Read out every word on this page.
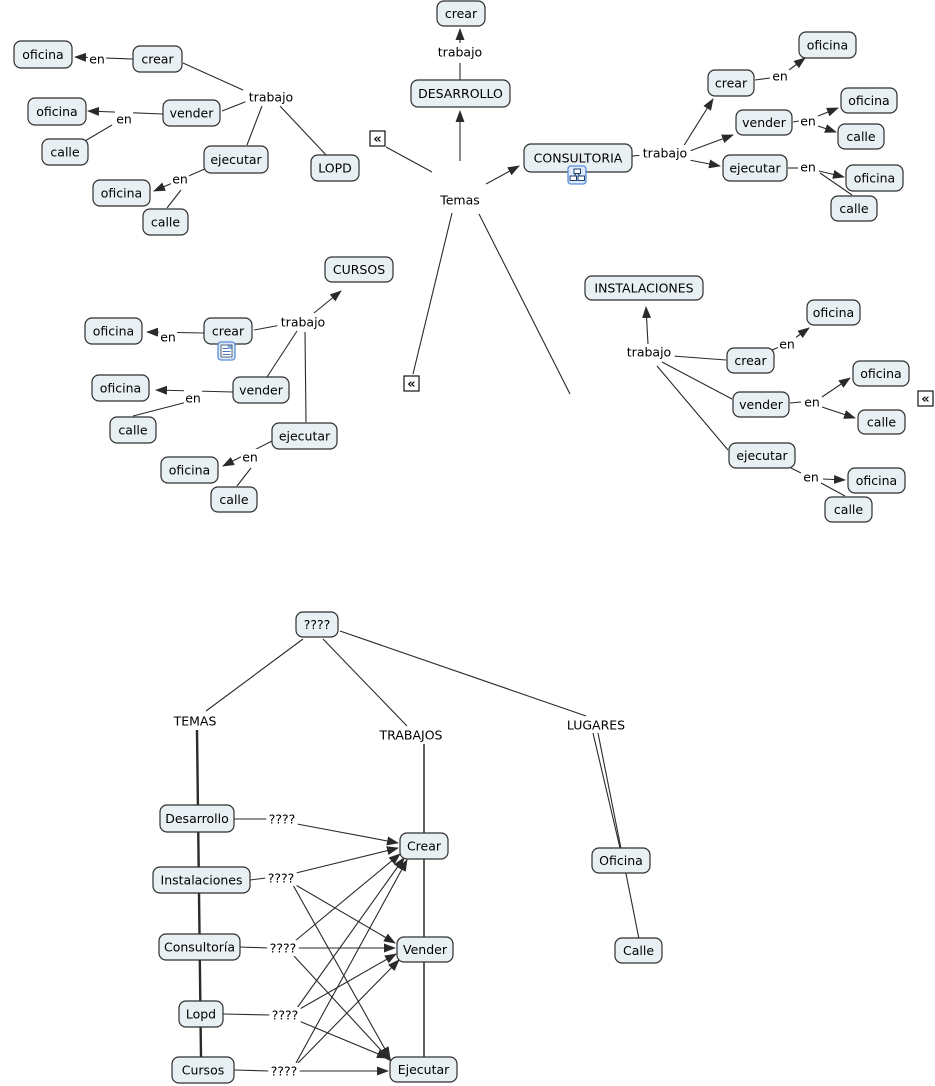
en
trabajo
en
en
trabajo
Temas
trabajo
en
en
en
trabajo
en
en
en
trabajo
en
en
en
oficina	crear
oficina	vender
calle	ejecutar
oficina
calle
LOPD
crear
DESARROLLO
CONSULTORIA
oficina
crear
oficina
vender
calle
ejecutar
oficina
calle
CURSOS
oficina	crear
oficina	vender
calle	ejecutar
oficina
calle
INSTALACIONES
oficina
crear
oficina
vender
calle
ejecutar
oficina
calle
«
«
«
TEMAS
TRABAJOS
LUGARES
????
????
????
????
????
????
Desarrollo
Instalaciones
Consultoría
Lopd
Cursos
Crear
Vender
Ejecutar
Oficina
Calle
